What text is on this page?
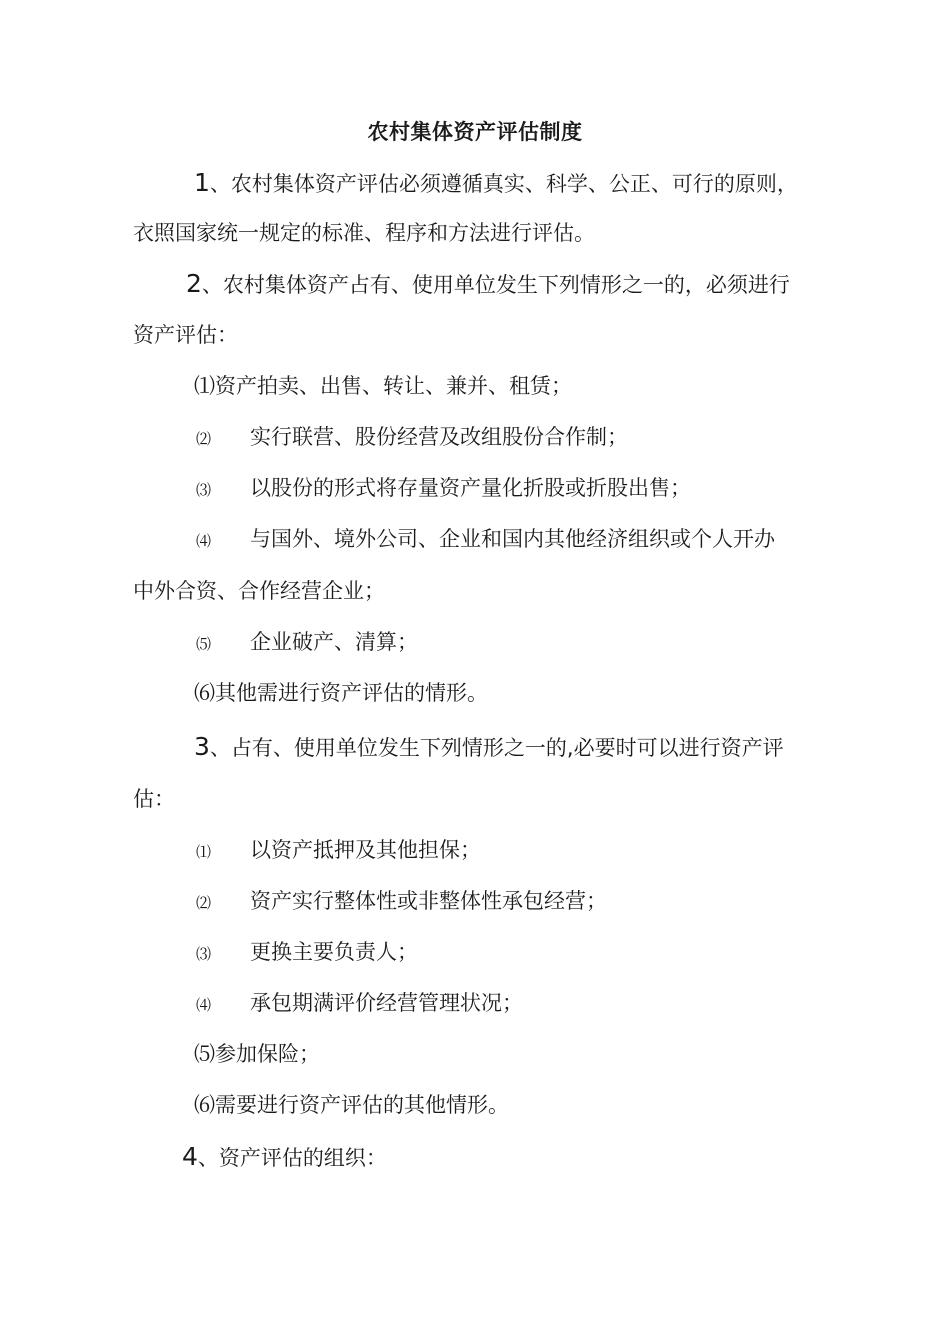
农村集体资产评估制度
1、农村集体资产评估必须遵循真实、科学、公正、可行的原则，
衣照国家统一规定的标准、程序和方法进行评估。
2、农村集体资产占有、使用单位发生下列情形之一的，必须进行
资产评估：
⑴资产拍卖、出售、转让、兼并、租赁；
⑵ 实行联营、股份经营及改组股份合作制；
⑶ 以股份的形式将存量资产量化折股或折股出售；
⑷ 与国外、境外公司、企业和国内其他经济组织或个人开办
中外合资、合作经营企业；
⑸ 企业破产、清算；
⑹其他需进行资产评估的情形。
3、占有、使用单位发生下列情形之一的,必要时可以进行资产评
估：
⑴ 以资产抵押及其他担保；
⑵ 资产实行整体性或非整体性承包经营；
⑶ 更换主要负责人；
⑷ 承包期满评价经营管理状况；
⑸参加保险；
⑹需要进行资产评估的其他情形。
4、资产评估的组织：
